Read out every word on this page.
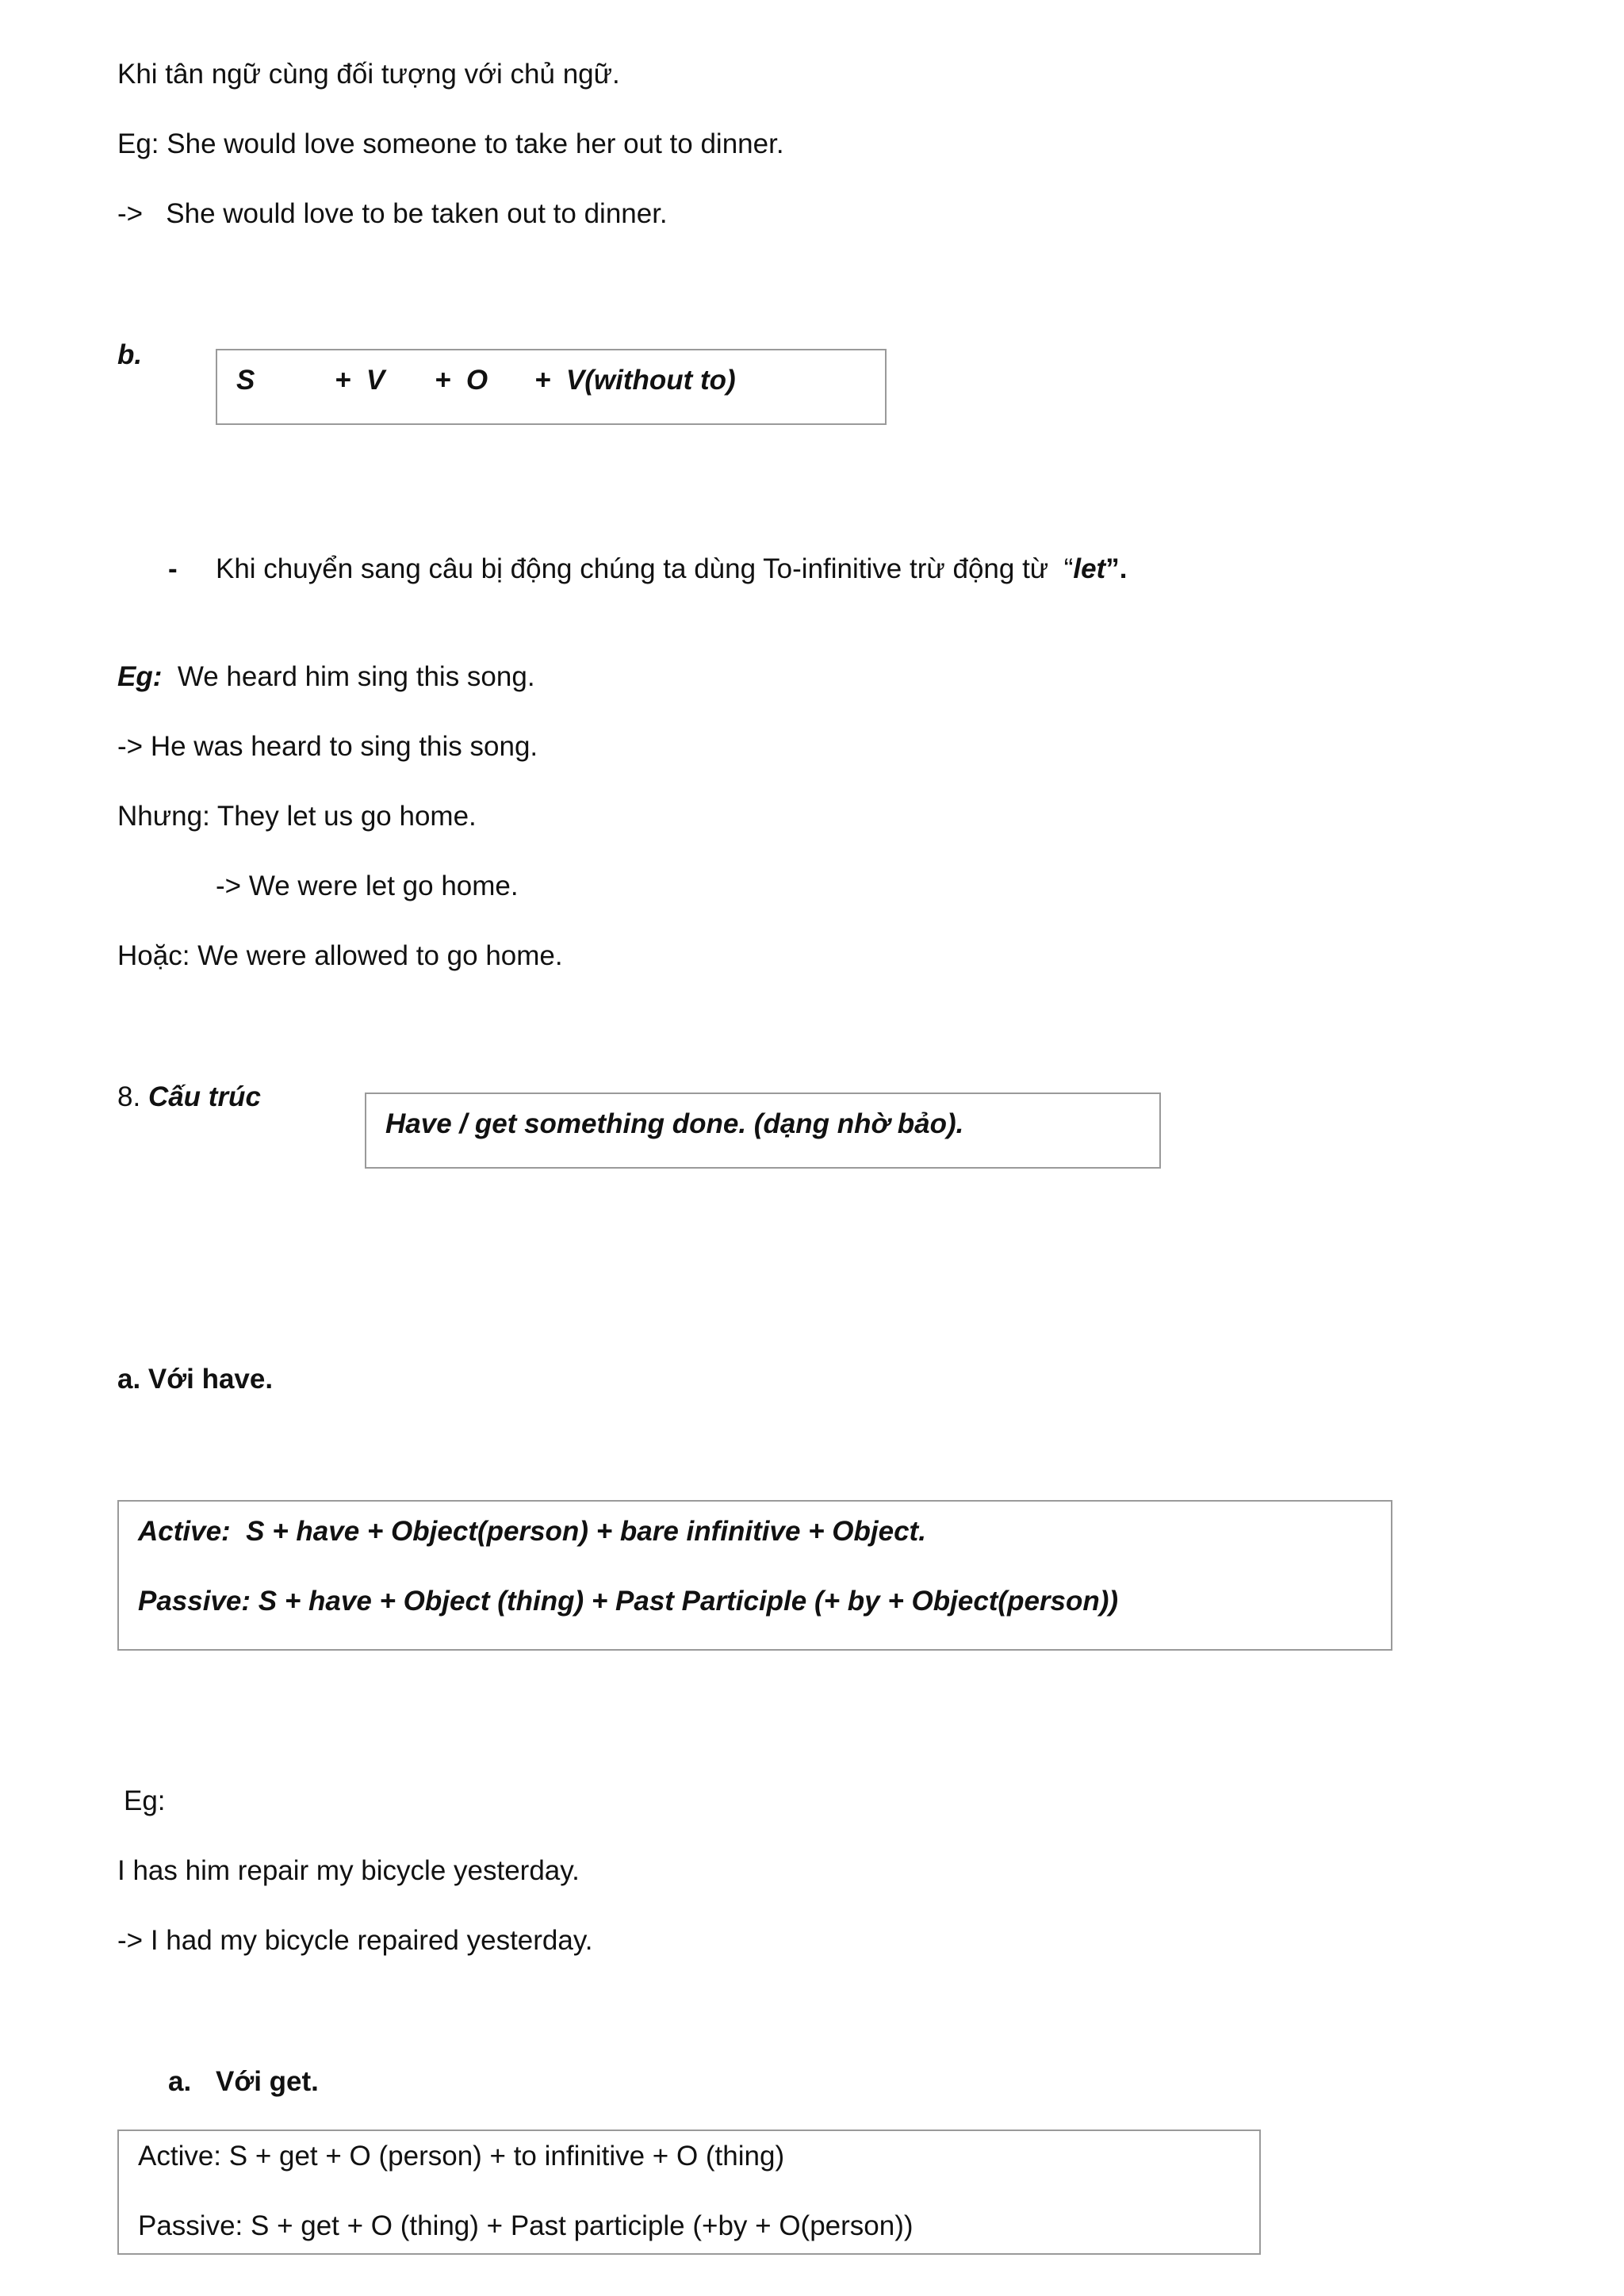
Khi tân ngữ cùng đối tượng với chủ ngữ.
Eg: She would love someone to take her out to dinner.
->   She would love to be taken out to dinner.
b.
S	+  V +  O +  V(without to)
- Khi chuyển sang câu bị động chúng ta dùng To-infinitive trừ động từ  “let”.
Eg: We heard him sing this song.
-> He was heard to sing this song.
Nhưng: They let us go home.
-> We were let go home.
Hoặc: We were allowed to go home.
8. Cấu trúc
Have / get something done. (dạng nhờ bảo).
a. Với have.
Active:  S + have + Object(person) + bare infinitive + Object.
Passive: S + have + Object (thing) + Past Participle (+ by + Object(person))
Eg:
I has him repair my bicycle yesterday.
-> I had my bicycle repaired yesterday.
a. Với get.
Active: S + get + O (person) + to infinitive + O (thing)
Passive: S + get + O (thing) + Past participle (+by + O(person))
